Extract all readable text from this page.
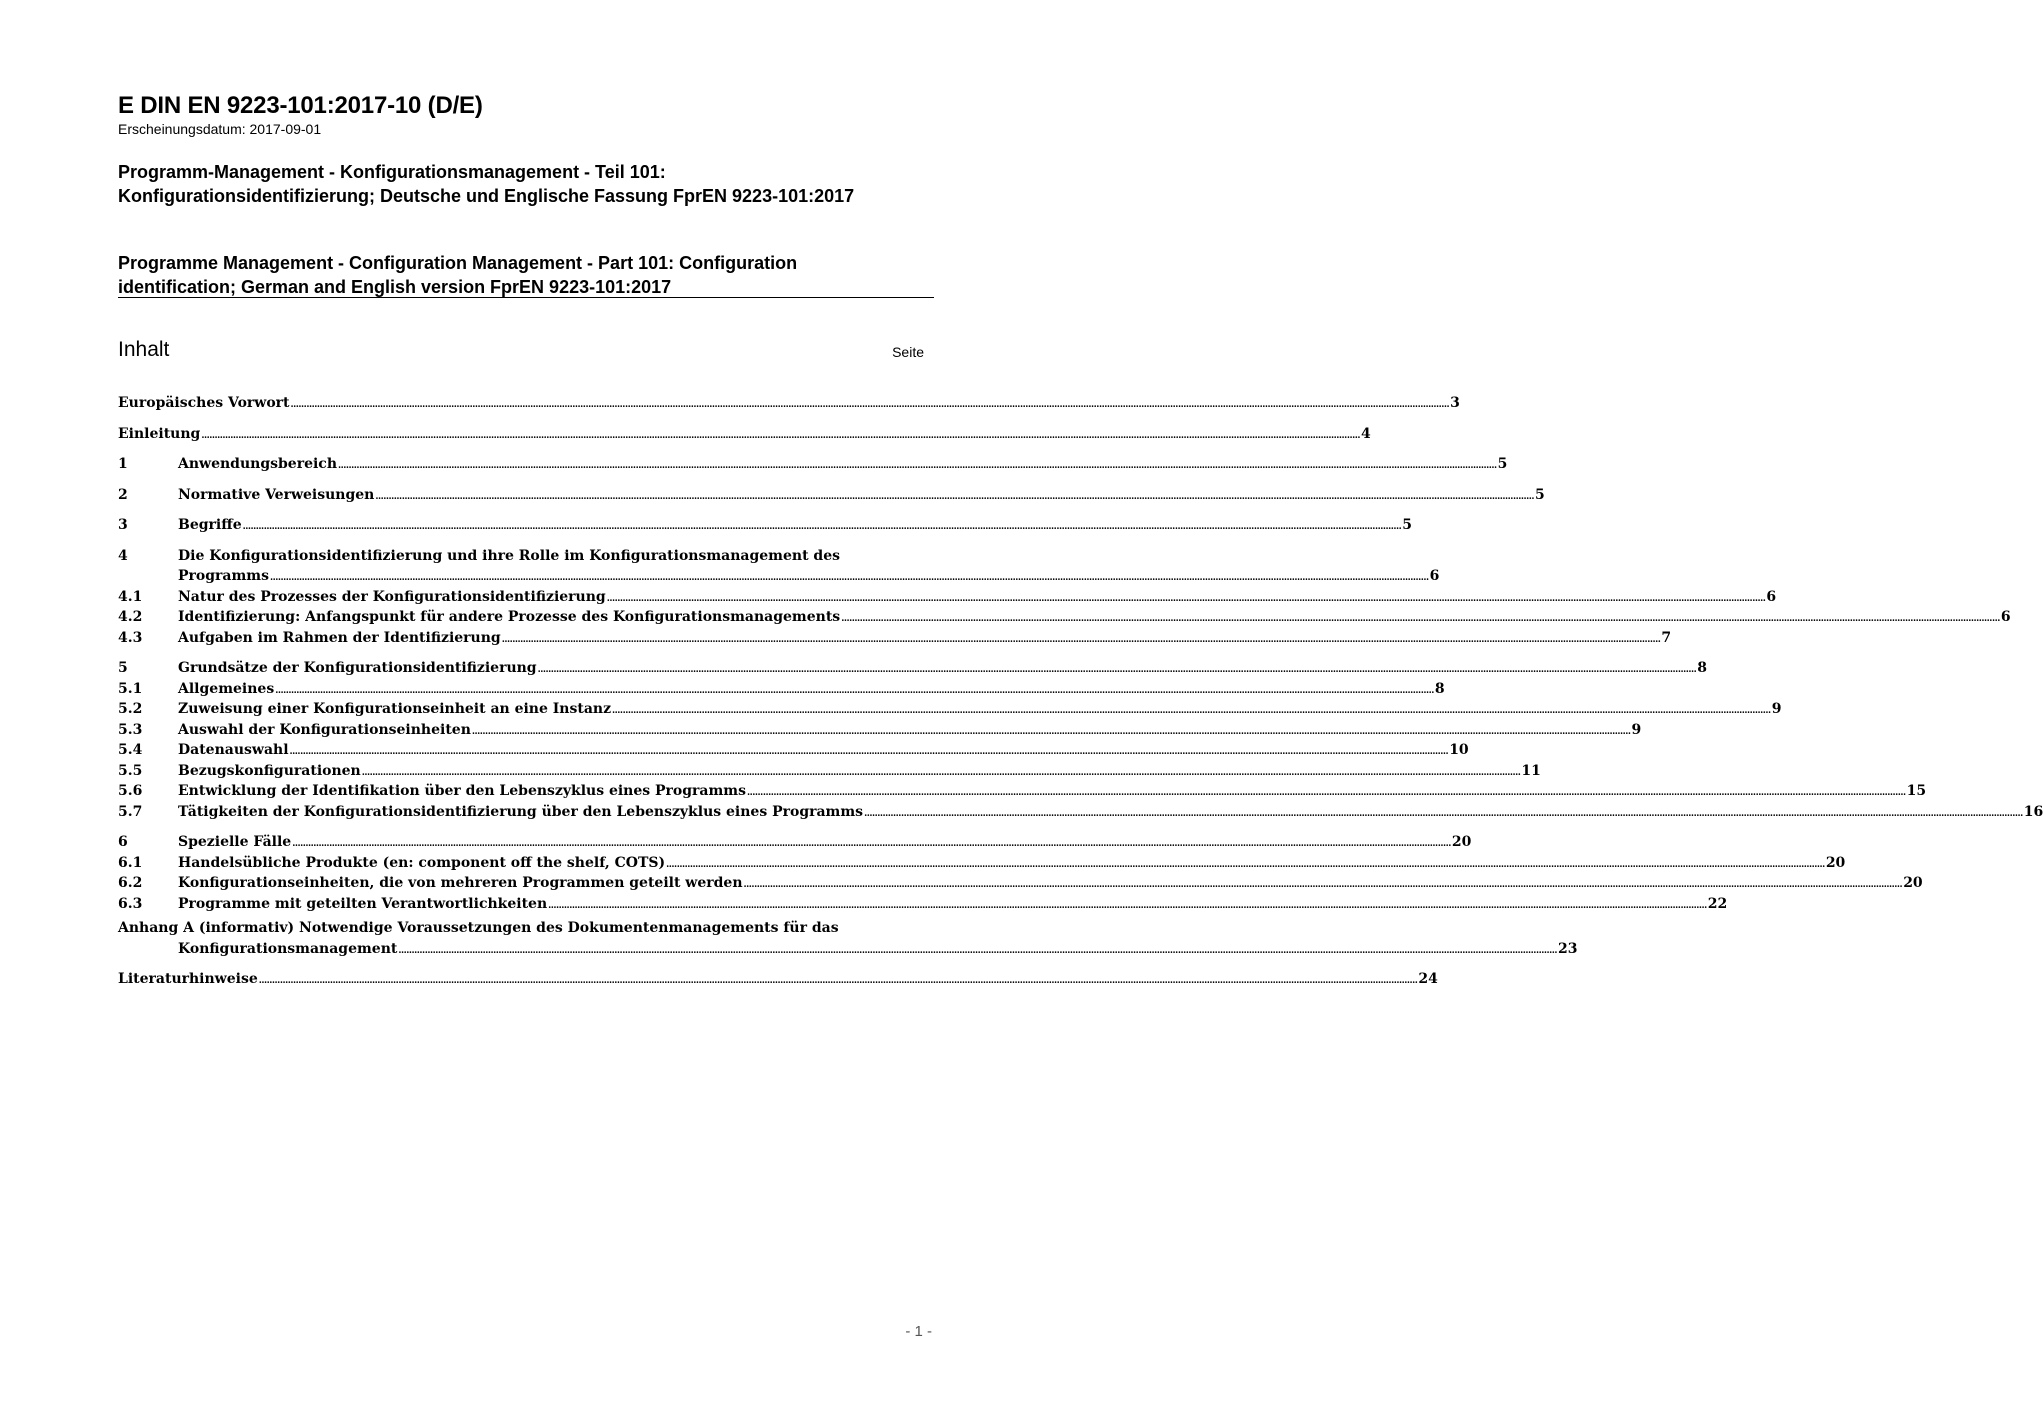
E DIN EN 9223-101:2017-10 (D/E)
Erscheinungsdatum: 2017-09-01
Programm-Management - Konfigurationsmanagement - Teil 101: Konfigurationsidentifizierung; Deutsche und Englische Fassung FprEN 9223-101:2017
Programme Management - Configuration Management - Part 101: Configuration identification; German and English version FprEN 9223-101:2017
Inhalt	Seite
Europäisches Vorwort ........................................................................................................................................................................................................................................................................................................................................................................................................................................................ 3
Einleitung ........................................................................................................................................................................................................................................................................................................................................................................................................................................................ 4
1	Anwendungsbereich ........................................................................................................................................................................................................................................................................................................................................................................................................................................................ 5
2	Normative Verweisungen ........................................................................................................................................................................................................................................................................................................................................................................................................................................................ 5
3	Begriffe ........................................................................................................................................................................................................................................................................................................................................................................................................................................................ 5
4	Die Konfigurationsidentifizierung und ihre Rolle im Konfigurationsmanagement des
Programms ........................................................................................................................................................................................................................................................................................................................................................................................................................................................ 6
4.1	Natur des Prozesses der Konfigurationsidentifizierung ........................................................................................................................................................................................................................................................................................................................................................................................................................................................ 6
4.2	Identifizierung: Anfangspunkt für andere Prozesse des Konfigurationsmanagements ........................................................................................................................................................................................................................................................................................................................................................................................................................................................ 6
4.3	Aufgaben im Rahmen der Identifizierung ........................................................................................................................................................................................................................................................................................................................................................................................................................................................ 7
5	Grundsätze der Konfigurationsidentifizierung ........................................................................................................................................................................................................................................................................................................................................................................................................................................................ 8
5.1	Allgemeines ........................................................................................................................................................................................................................................................................................................................................................................................................................................................ 8
5.2	Zuweisung einer Konfigurationseinheit an eine Instanz ........................................................................................................................................................................................................................................................................................................................................................................................................................................................ 9
5.3	Auswahl der Konfigurationseinheiten ........................................................................................................................................................................................................................................................................................................................................................................................................................................................ 9
5.4	Datenauswahl ........................................................................................................................................................................................................................................................................................................................................................................................................................................................ 10
5.5	Bezugskonfigurationen ........................................................................................................................................................................................................................................................................................................................................................................................................................................................ 11
5.6	Entwicklung der Identifikation über den Lebenszyklus eines Programms ........................................................................................................................................................................................................................................................................................................................................................................................................................................................ 15
5.7	Tätigkeiten der Konfigurationsidentifizierung über den Lebenszyklus eines Programms ........................................................................................................................................................................................................................................................................................................................................................................................................................................................ 16
6	Spezielle Fälle ........................................................................................................................................................................................................................................................................................................................................................................................................................................................ 20
6.1	Handelsübliche Produkte (en: component off the shelf, COTS) ........................................................................................................................................................................................................................................................................................................................................................................................................................................................ 20
6.2	Konfigurationseinheiten, die von mehreren Programmen geteilt werden ........................................................................................................................................................................................................................................................................................................................................................................................................................................................ 20
6.3	Programme mit geteilten Verantwortlichkeiten ........................................................................................................................................................................................................................................................................................................................................................................................................................................................ 22
Anhang A (informativ) Notwendige Voraussetzungen des Dokumentenmanagements für das
Konfigurationsmanagement ........................................................................................................................................................................................................................................................................................................................................................................................................................................................ 23
Literaturhinweise ........................................................................................................................................................................................................................................................................................................................................................................................................................................................ 24
- 1 -
